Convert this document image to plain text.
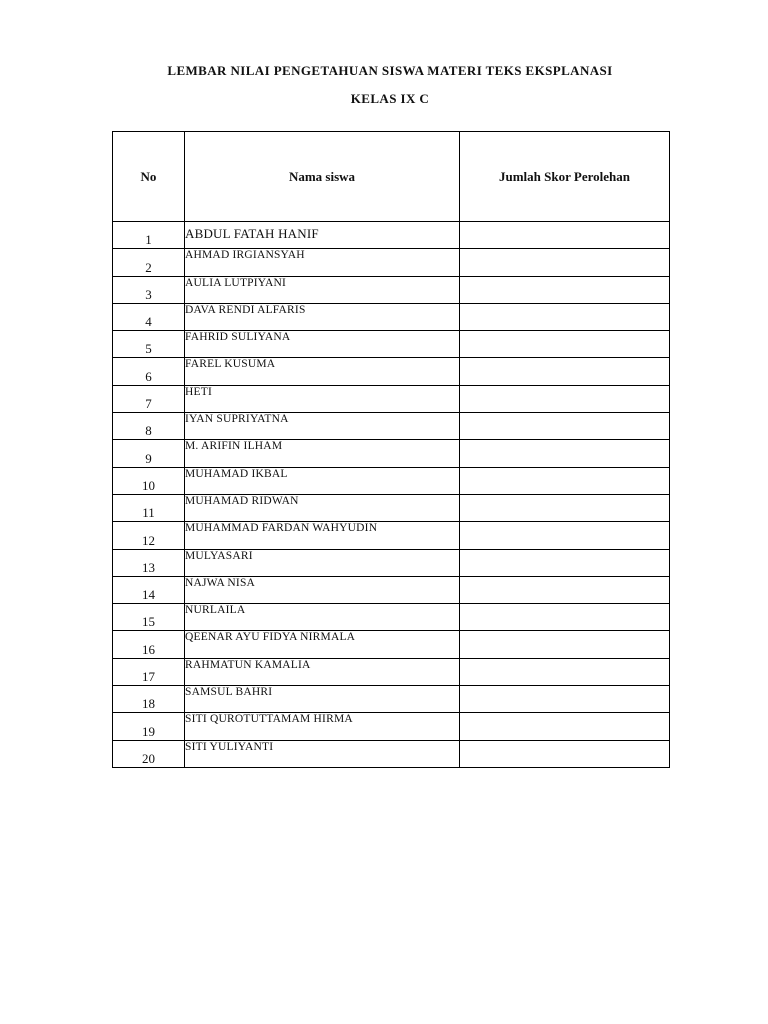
LEMBAR NILAI PENGETAHUAN SISWA MATERI TEKS EKSPLANASI
KELAS IX C
No	Nama siswa	Jumlah Skor Perolehan
1	ABDUL FATAH HANIF	
2	AHMAD IRGIANSYAH	
3	AULIA LUTPIYANI	
4	DAVA RENDI ALFARIS	
5	FAHRID SULIYANA	
6	FAREL KUSUMA	
7	HETI	
8	IYAN SUPRIYATNA	
9	M. ARIFIN ILHAM	
10	MUHAMAD IKBAL	
11	MUHAMAD RIDWAN	
12	MUHAMMAD FARDAN WAHYUDIN	
13	MULYASARI	
14	NAJWA NISA	
15	NURLAILA	
16	QEENAR AYU FIDYA NIRMALA	
17	RAHMATUN KAMALIA	
18	SAMSUL BAHRI	
19	SITI QUROTUTTAMAM HIRMA	
20	SITI YULIYANTI	
